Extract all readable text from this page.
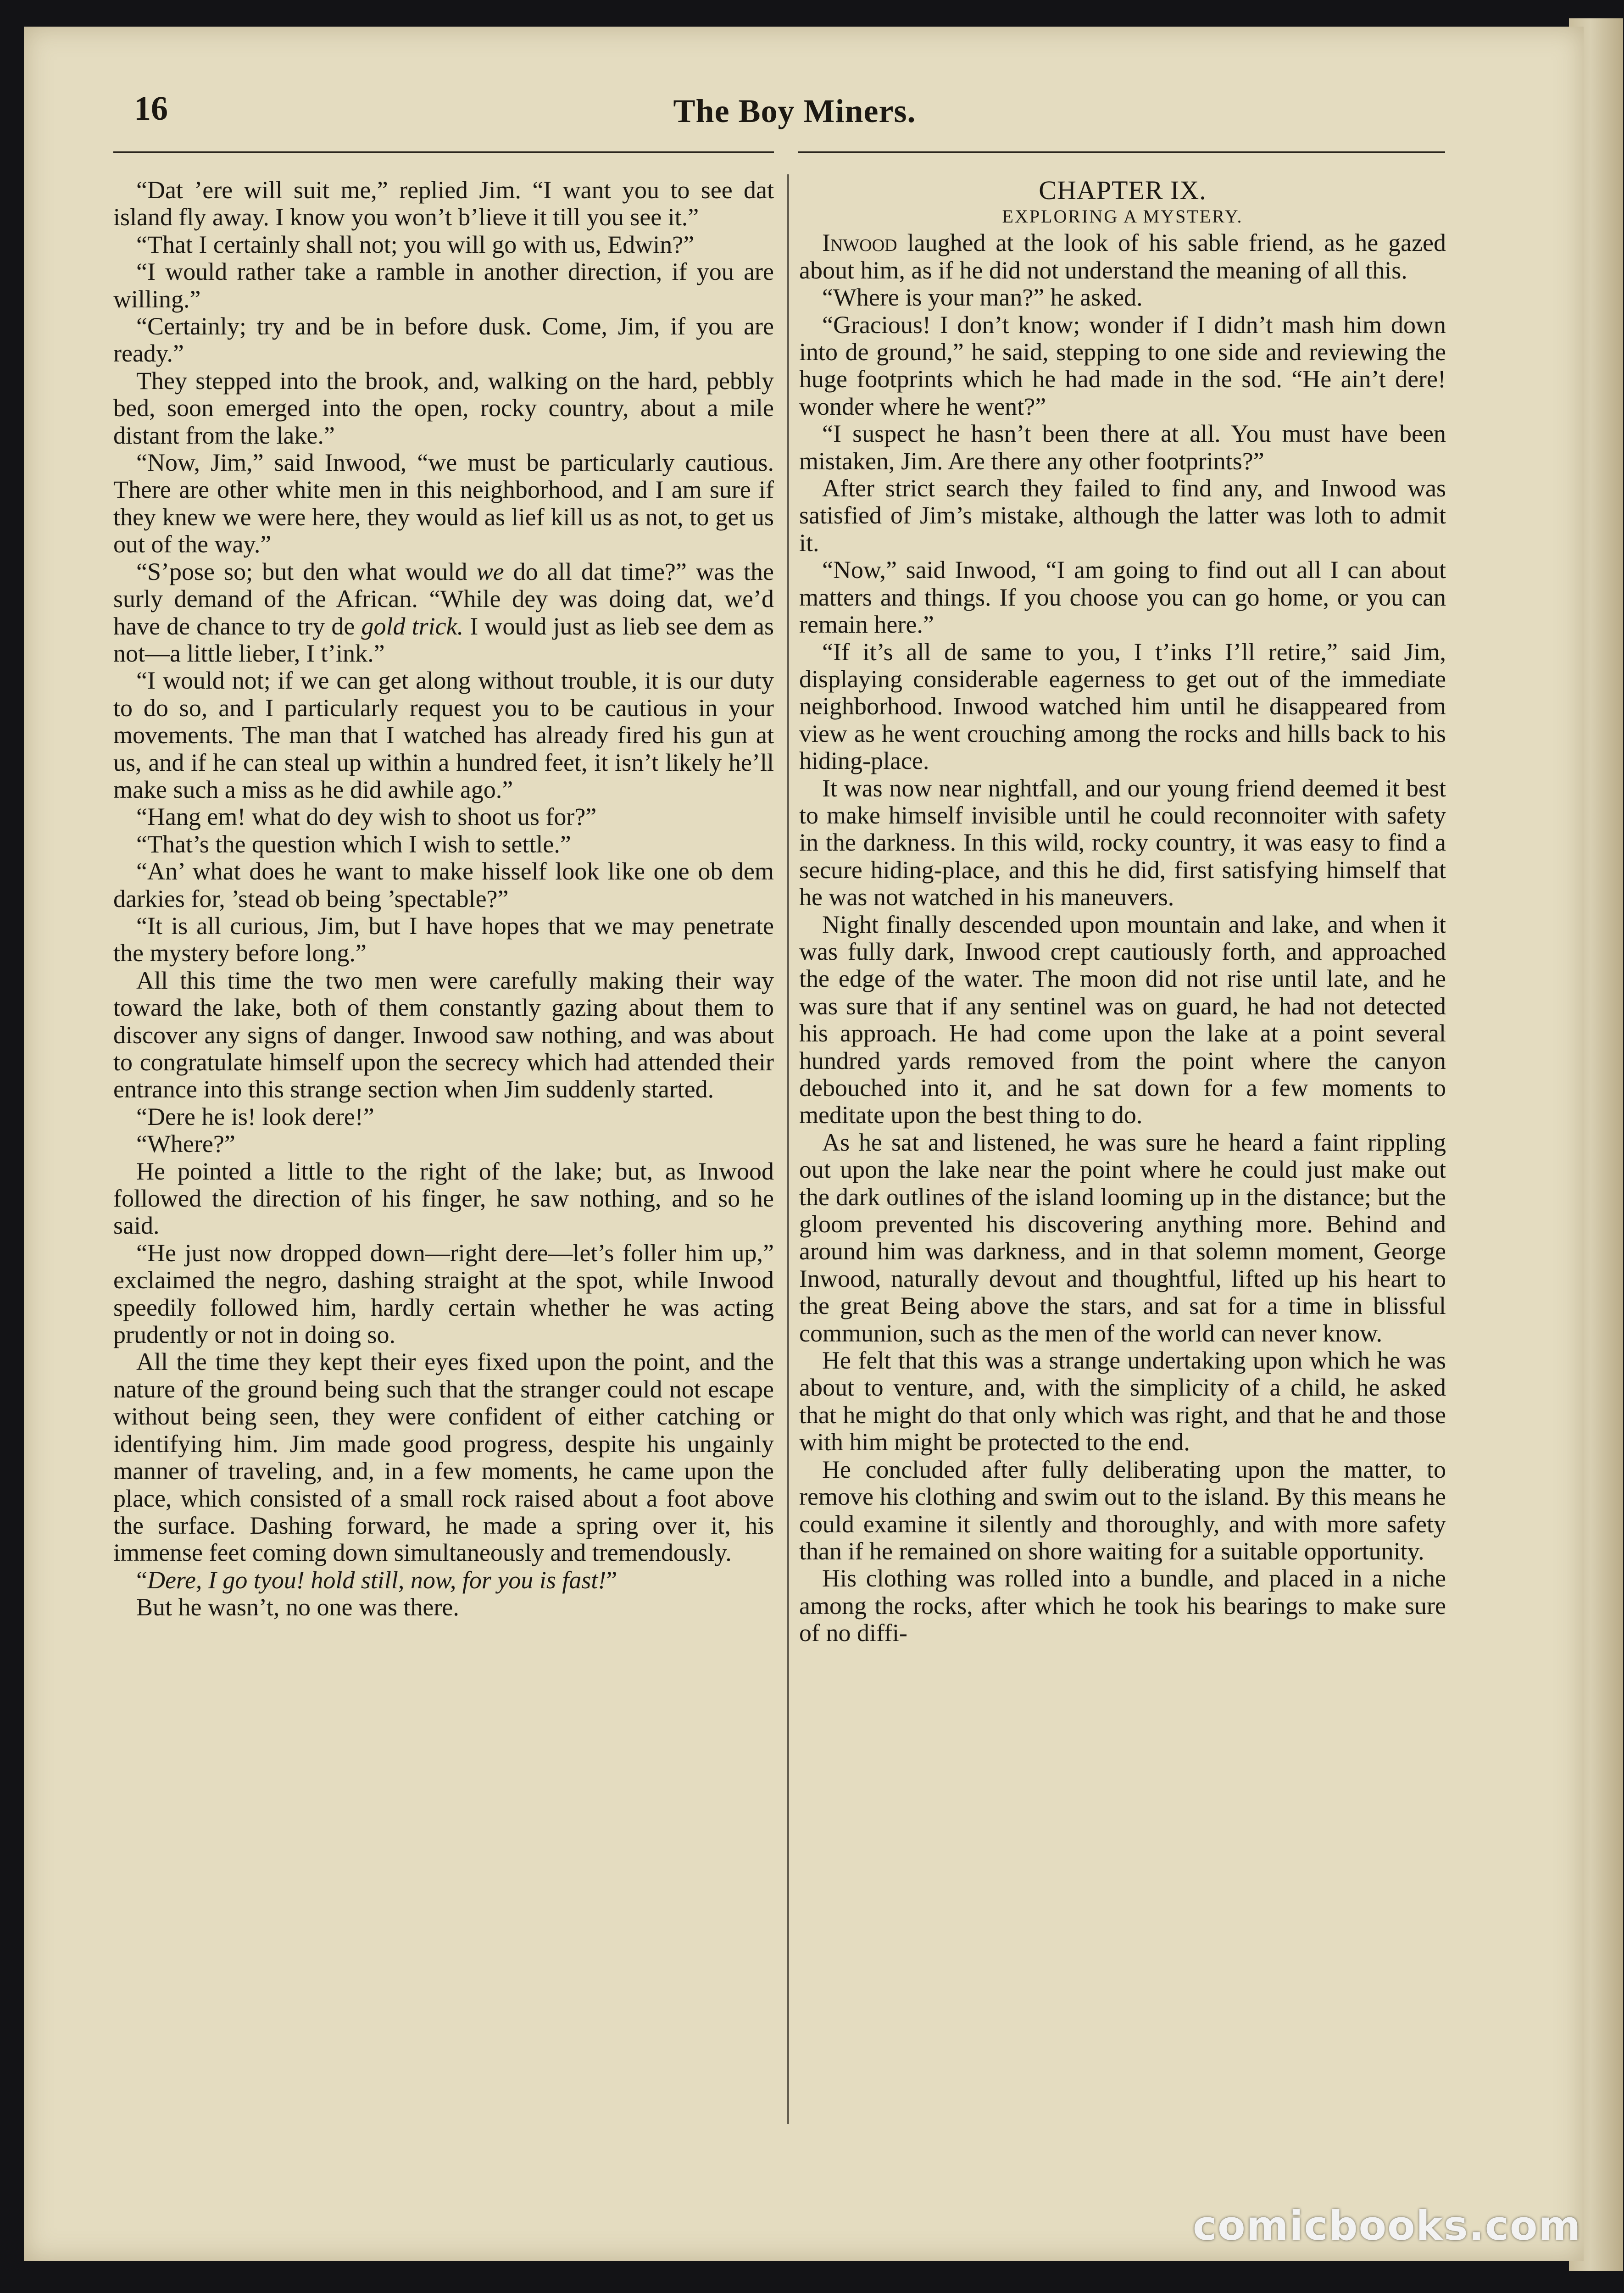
16	The Boy Miners.

“Dat ’ere will suit me,” replied Jim. “I want you to see dat island fly away. I know you won’t b’lieve it till you see it.”

“That I certainly shall not; you will go with us, Edwin?”

“I would rather take a ramble in another direction, if you are willing.”

“Certainly; try and be in before dusk. Come, Jim, if you are ready.”

They stepped into the brook, and, walking on the hard, pebbly bed, soon emerged into the open, rocky country, about a mile distant from the lake.”

“Now, Jim,” said Inwood, “we must be particularly cautious. There are other white men in this neighborhood, and I am sure if they knew we were here, they would as lief kill us as not, to get us out of the way.”

“S’pose so; but den what would we do all dat time?” was the surly demand of the African. “While dey was doing dat, we’d have de chance to try de gold trick. I would just as lieb see dem as not—a little lieber, I t’ink.”

“I would not; if we can get along without trouble, it is our duty to do so, and I particularly request you to be cautious in your movements. The man that I watched has already fired his gun at us, and if he can steal up within a hundred feet, it isn’t likely he’ll make such a miss as he did awhile ago.”

“Hang em! what do dey wish to shoot us for?”

“That’s the question which I wish to settle.”

“An’ what does he want to make hisself look like one ob dem darkies for, ’stead ob being ’spectable?”

“It is all curious, Jim, but I have hopes that we may penetrate the mystery before long.”

All this time the two men were carefully making their way toward the lake, both of them constantly gazing about them to discover any signs of danger. Inwood saw nothing, and was about to congratulate himself upon the secrecy which had attended their entrance into this strange section when Jim suddenly started.

“Dere he is! look dere!”

“Where?”

He pointed a little to the right of the lake; but, as Inwood followed the direction of his finger, he saw nothing, and so he said.

“He just now dropped down—right dere—let’s foller him up,” exclaimed the negro, dashing straight at the spot, while Inwood speedily followed him, hardly certain whether he was acting prudently or not in doing so.

All the time they kept their eyes fixed upon the point, and the nature of the ground being such that the stranger could not escape without being seen, they were confident of either catching or identifying him. Jim made good progress, despite his ungainly manner of traveling, and, in a few moments, he came upon the place, which consisted of a small rock raised about a foot above the surface. Dashing forward, he made a spring over it, his immense feet coming down simultaneously and tremendously.

“Dere, I go tyou! hold still, now, for you is fast!”

But he wasn’t, no one was there.

CHAPTER IX.
EXPLORING A MYSTERY.

Inwood laughed at the look of his sable friend, as he gazed about him, as if he did not understand the meaning of all this.

“Where is your man?” he asked.

“Gracious! I don’t know; wonder if I didn’t mash him down into de ground,” he said, stepping to one side and reviewing the huge footprints which he had made in the sod. “He ain’t dere! wonder where he went?”

“I suspect he hasn’t been there at all. You must have been mistaken, Jim. Are there any other footprints?”

After strict search they failed to find any, and Inwood was satisfied of Jim’s mistake, although the latter was loth to admit it.

“Now,” said Inwood, “I am going to find out all I can about matters and things. If you choose you can go home, or you can remain here.”

“If it’s all de same to you, I t’inks I’ll retire,” said Jim, displaying considerable eagerness to get out of the immediate neighborhood. Inwood watched him until he disappeared from view as he went crouching among the rocks and hills back to his hiding-place.

It was now near nightfall, and our young friend deemed it best to make himself invisible until he could reconnoiter with safety in the darkness. In this wild, rocky country, it was easy to find a secure hiding-place, and this he did, first satisfying himself that he was not watched in his maneuvers.

Night finally descended upon mountain and lake, and when it was fully dark, Inwood crept cautiously forth, and approached the edge of the water. The moon did not rise until late, and he was sure that if any sentinel was on guard, he had not detected his approach. He had come upon the lake at a point several hundred yards removed from the point where the canyon debouched into it, and he sat down for a few moments to meditate upon the best thing to do.

As he sat and listened, he was sure he heard a faint rippling out upon the lake near the point where he could just make out the dark outlines of the island looming up in the distance; but the gloom prevented his discovering anything more. Behind and around him was darkness, and in that solemn moment, George Inwood, naturally devout and thoughtful, lifted up his heart to the great Being above the stars, and sat for a time in blissful communion, such as the men of the world can never know.

He felt that this was a strange undertaking upon which he was about to venture, and, with the simplicity of a child, he asked that he might do that only which was right, and that he and those with him might be protected to the end.

He concluded after fully deliberating upon the matter, to remove his clothing and swim out to the island. By this means he could examine it silently and thoroughly, and with more safety than if he remained on shore waiting for a suitable opportunity.

His clothing was rolled into a bundle, and placed in a niche among the rocks, after which he took his bearings to make sure of no diffi-

comicbooks.com
